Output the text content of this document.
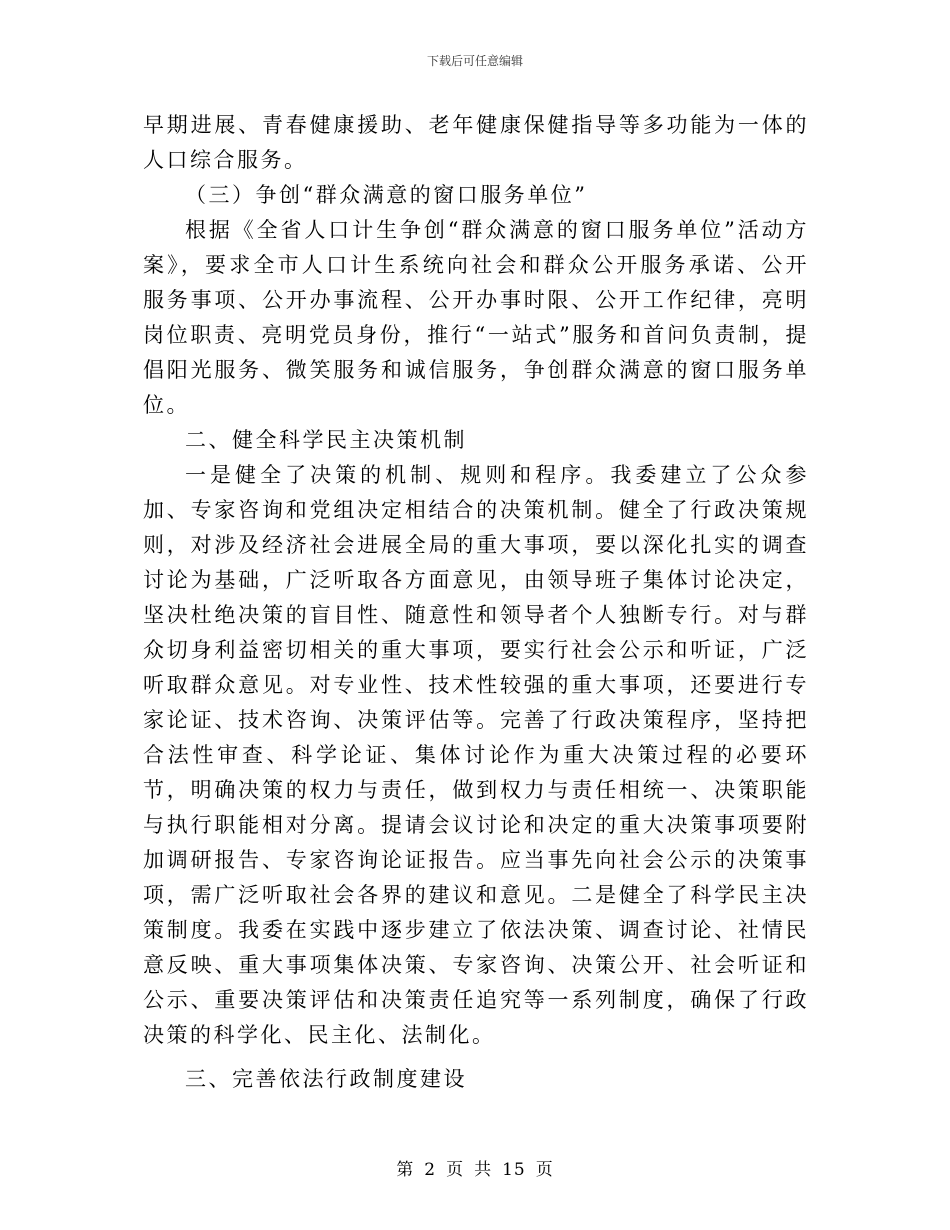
下载后可任意编辑

早期进展、青春健康援助、老年健康保健指导等多功能为一体的人口综合服务。

（三）争创“群众满意的窗口服务单位”

根据《全省人口计生争创“群众满意的窗口服务单位”活动方案》，要求全市人口计生系统向社会和群众公开服务承诺、公开服务事项、公开办事流程、公开办事时限、公开工作纪律，亮明岗位职责、亮明党员身份，推行“一站式”服务和首问负责制，提倡阳光服务、微笑服务和诚信服务，争创群众满意的窗口服务单位。

二、健全科学民主决策机制

一是健全了决策的机制、规则和程序。我委建立了公众参加、专家咨询和党组决定相结合的决策机制。健全了行政决策规则，对涉及经济社会进展全局的重大事项，要以深化扎实的调查讨论为基础，广泛听取各方面意见，由领导班子集体讨论决定，坚决杜绝决策的盲目性、随意性和领导者个人独断专行。对与群众切身利益密切相关的重大事项，要实行社会公示和听证，广泛听取群众意见。对专业性、技术性较强的重大事项，还要进行专家论证、技术咨询、决策评估等。完善了行政决策程序，坚持把合法性审查、科学论证、集体讨论作为重大决策过程的必要环节，明确决策的权力与责任，做到权力与责任相统一、决策职能与执行职能相对分离。提请会议讨论和决定的重大决策事项要附加调研报告、专家咨询论证报告。应当事先向社会公示的决策事项，需广泛听取社会各界的建议和意见。二是健全了科学民主决策制度。我委在实践中逐步建立了依法决策、调查讨论、社情民意反映、重大事项集体决策、专家咨询、决策公开、社会听证和公示、重要决策评估和决策责任追究等一系列制度，确保了行政决策的科学化、民主化、法制化。

三、完善依法行政制度建设

第 2 页 共 15 页
